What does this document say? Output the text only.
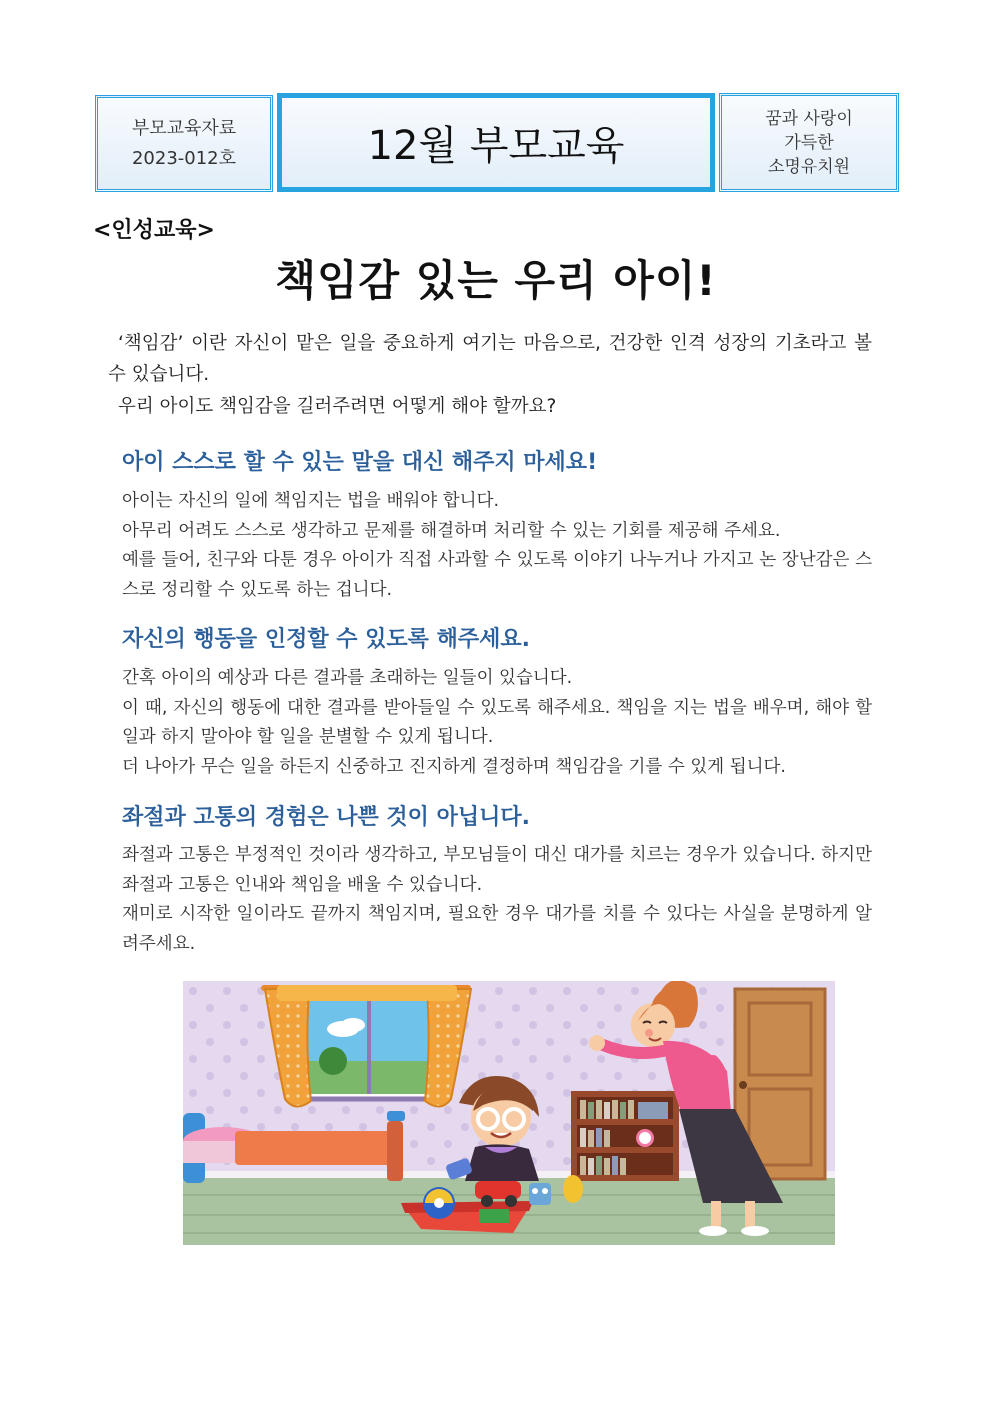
부모교육자료
2023-012호	12월 부모교육
꿈과 사랑이
가득한
소명유치원
<인성교육>
책임감 있는 우리 아이!
‘책임감’ 이란 자신이 맡은 일을 중요하게 여기는 마음으로, 건강한 인격 성장의 기초라고 볼 수 있습니다.
우리 아이도 책임감을 길러주려면 어떻게 해야 할까요?
아이 스스로 할 수 있는 말을 대신 해주지 마세요!

아이는 자신의 일에 책임지는 법을 배워야 합니다.

아무리 어려도 스스로 생각하고 문제를 해결하며 처리할 수 있는 기회를 제공해 주세요.

예를 들어, 친구와 다툰 경우 아이가 직접 사과할 수 있도록 이야기 나누거나 가지고 논 장난감은 스스로 정리할 수 있도록 하는 겁니다.

자신의 행동을 인정할 수 있도록 해주세요.

간혹 아이의 예상과 다른 결과를 초래하는 일들이 있습니다.

이 때, 자신의 행동에 대한 결과를 받아들일 수 있도록 해주세요. 책임을 지는 법을 배우며, 해야 할 일과 하지 말아야 할 일을 분별할 수 있게 됩니다.

더 나아가 무슨 일을 하든지 신중하고 진지하게 결정하며 책임감을 기를 수 있게 됩니다.

좌절과 고통의 경험은 나쁜 것이 아닙니다.

좌절과 고통은 부정적인 것이라 생각하고, 부모님들이 대신 대가를 치르는 경우가 있습니다. 하지만 좌절과 고통은 인내와 책임을 배울 수 있습니다.

재미로 시작한 일이라도 끝까지 책임지며, 필요한 경우 대가를 치를 수 있다는 사실을 분명하게 알려주세요.
